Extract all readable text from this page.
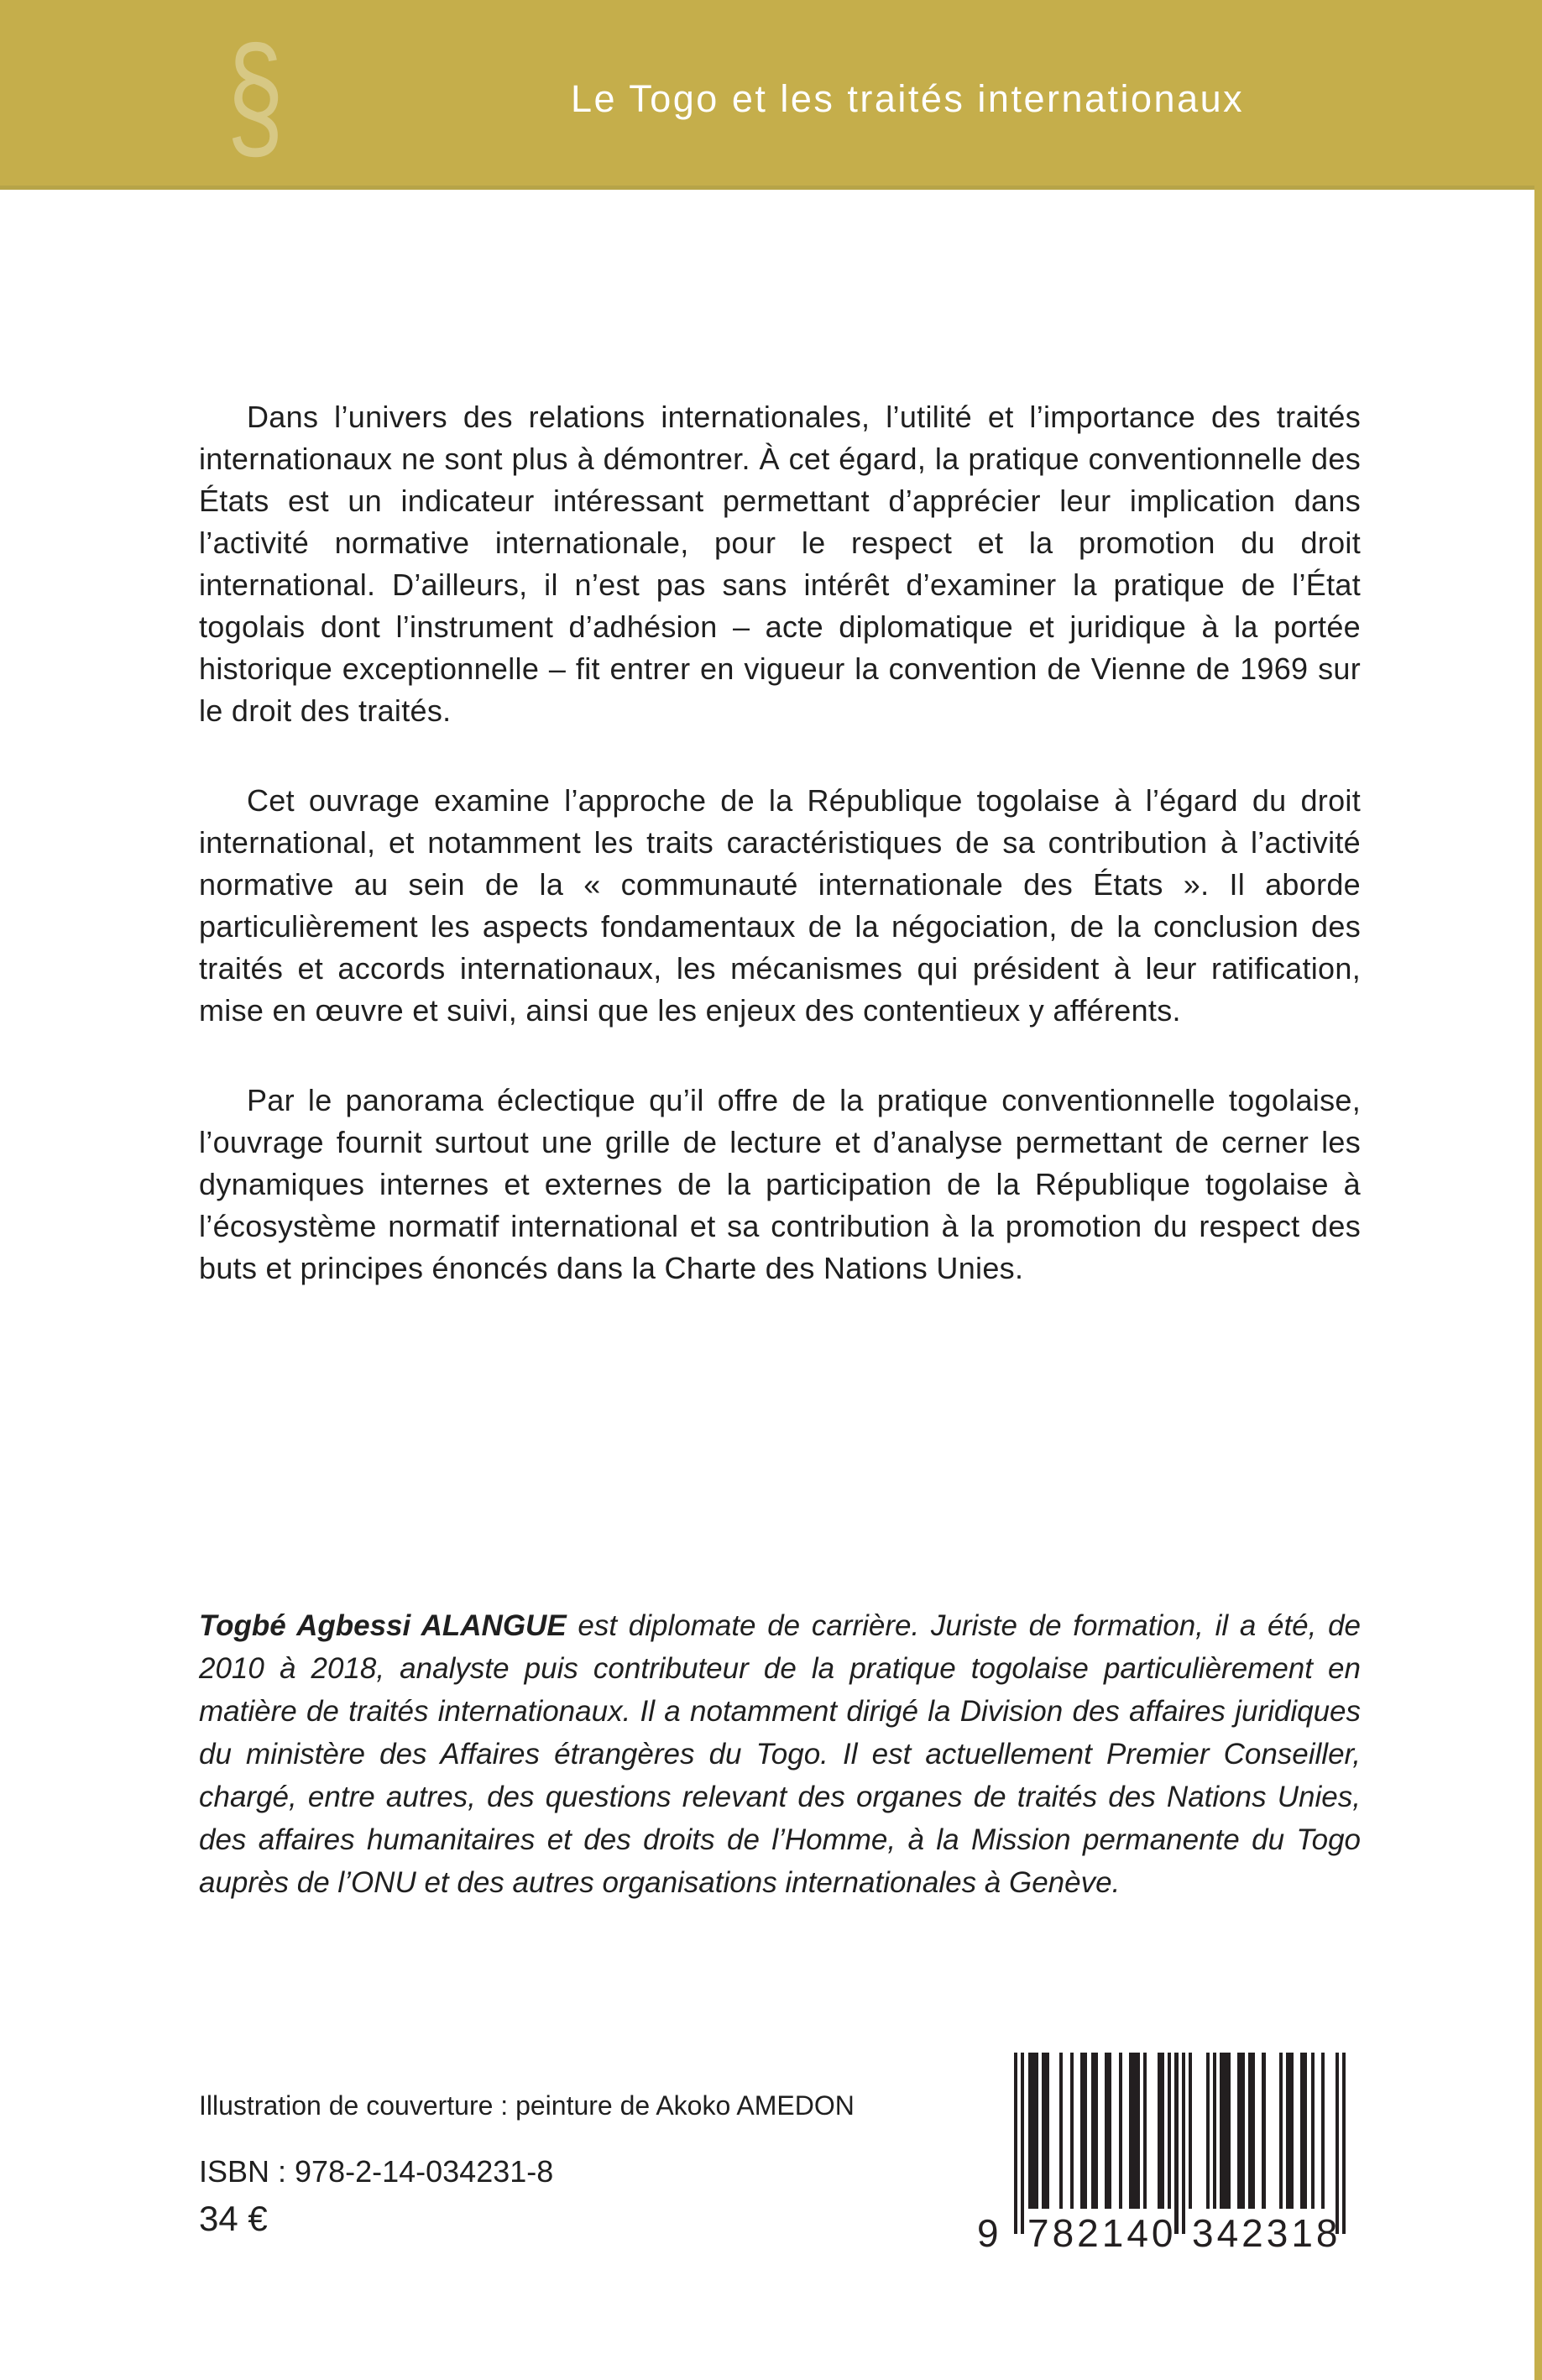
§	Le Togo et les traités internationaux

Dans l’univers des relations internationales, l’utilité et l’importance des traités internationaux ne sont plus à démontrer. À cet égard, la pratique conventionnelle des États est un indicateur intéressant permettant d’apprécier leur implication dans l’activité normative internationale, pour le respect et la promotion du droit international. D’ailleurs, il n’est pas sans intérêt d’examiner la pratique de l’État togolais dont l’instrument d’adhésion – acte diplomatique et juridique à la portée historique exceptionnelle – fit entrer en vigueur la convention de Vienne de 1969 sur le droit des traités.

Cet ouvrage examine l’approche de la République togolaise à l’égard du droit international, et notamment les traits caractéristiques de sa contribution à l’activité normative au sein de la « communauté internationale des États ». Il aborde particulièrement les aspects fondamentaux de la négociation, de la conclusion des traités et accords internationaux, les mécanismes qui président à leur ratification, mise en œuvre et suivi, ainsi que les enjeux des contentieux y afférents.

Par le panorama éclectique qu’il offre de la pratique conventionnelle togolaise, l’ouvrage fournit surtout une grille de lecture et d’analyse permettant de cerner les dynamiques internes et externes de la participation de la République togolaise à l’écosystème normatif international et sa contribution à la promotion du respect des buts et principes énoncés dans la Charte des Nations Unies.

Togbé Agbessi ALANGUE est diplomate de carrière. Juriste de formation, il a été, de 2010 à 2018, analyste puis contributeur de la pratique togolaise particulièrement en matière de traités internationaux. Il a notamment dirigé la Division des affaires juridiques du ministère des Affaires étrangères du Togo. Il est actuellement Premier Conseiller, chargé, entre autres, des questions relevant des organes de traités des Nations Unies, des affaires humanitaires et des droits de l’Homme, à la Mission permanente du Togo auprès de l’ONU et des autres organisations internationales à Genève.

Illustration de couverture : peinture de Akoko AMEDON
ISBN : 978-2-14-034231-8
34 €	9 782140 342318
